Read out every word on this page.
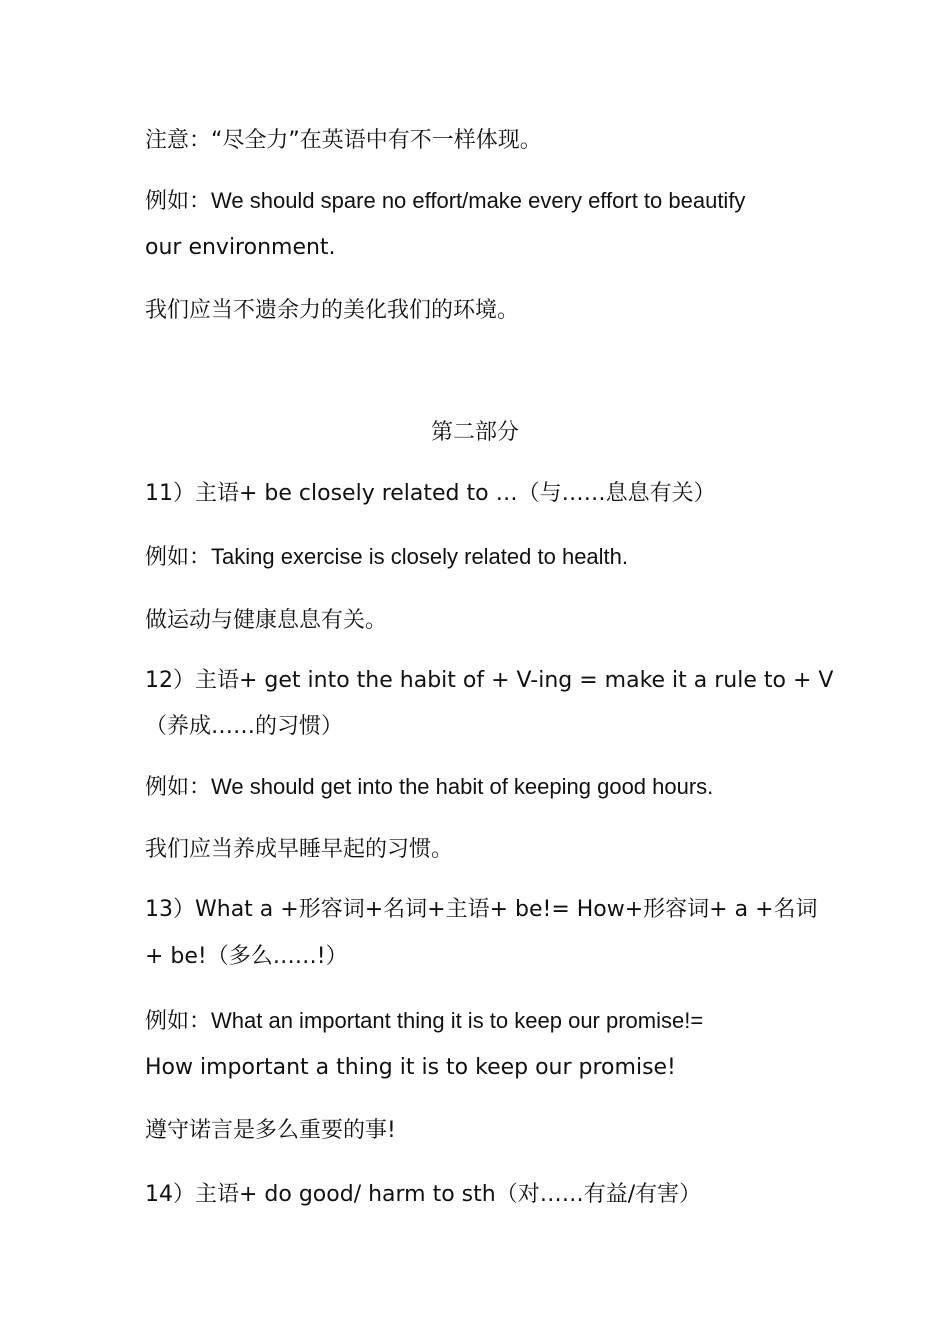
注意：“尽全力”在英语中有不一样体现。
例如：We should spare no effort/make every effort to beautify
our environment.
我们应当不遗余力的美化我们的环境。
第二部分
11）主语+ be closely related to …（与……息息有关）
例如：Taking exercise is closely related to health.
做运动与健康息息有关。
12）主语+ get into the habit of + V-ing = make it a rule to + V
（养成……的习惯）
例如：We should get into the habit of keeping good hours.
我们应当养成早睡早起的习惯。
13）What a +形容词+名词+主语+ be!= How+形容词+ a +名词
+ be!（多么……!）
例如：What an important thing it is to keep our promise!=
How important a thing it is to keep our promise!
遵守诺言是多么重要的事!
14）主语+ do good/ harm to sth（对……有益/有害）
